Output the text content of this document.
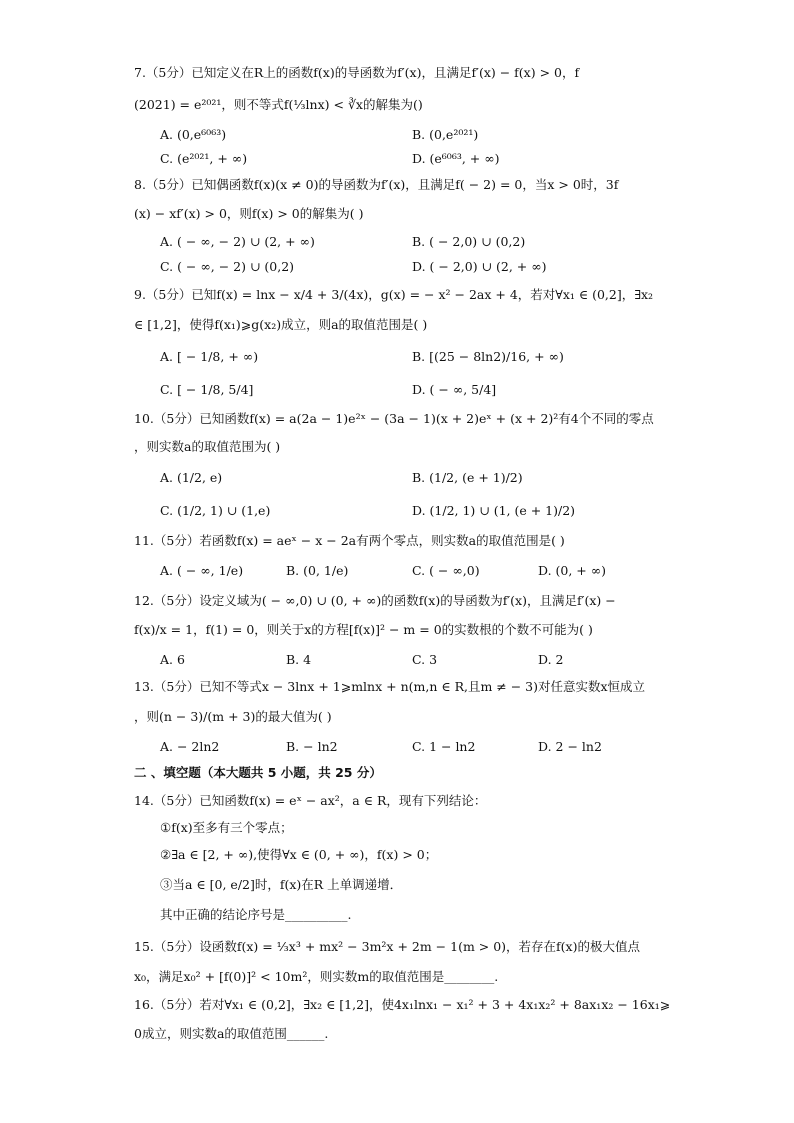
7.（5分）已知定义在R上的函数f(x)的导函数为f′(x)，且满足f′(x) − f(x) > 0，f
(2021) = e²⁰²¹，则不等式f(⅓lnx) < ∛x的解集为()
A. (0,e⁶⁰⁶³)	B. (0,e²⁰²¹)
C. (e²⁰²¹, + ∞)	D. (e⁶⁰⁶³, + ∞)
8.（5分）已知偶函数f(x)(x ≠ 0)的导函数为f′(x)，且满足f( − 2) = 0，当x > 0时，3f
(x) − xf′(x) > 0，则f(x) > 0的解集为( )
A. ( − ∞, − 2) ∪ (2, + ∞)	B. ( − 2,0) ∪ (0,2)
C. ( − ∞, − 2) ∪ (0,2)	D. ( − 2,0) ∪ (2, + ∞)
9.（5分）已知f(x) = lnx − x/4 + 3/(4x)，g(x) = − x² − 2ax + 4，若对∀x₁ ∈ (0,2]，∃x₂
∈ [1,2]，使得f(x₁)⩾g(x₂)成立，则a的取值范围是( )
A. [ − 1/8, + ∞)	B. [(25 − 8ln2)/16, + ∞)
C. [ − 1/8, 5/4]	D. ( − ∞, 5/4]
10.（5分）已知函数f(x) = a(2a − 1)e²ˣ − (3a − 1)(x + 2)eˣ + (x + 2)²有4个不同的零点
，则实数a的取值范围为( )
A. (1/2, e)	B. (1/2, (e + 1)/2)
C. (1/2, 1) ∪ (1,e)	D. (1/2, 1) ∪ (1, (e + 1)/2)
11.（5分）若函数f(x) = aeˣ − x − 2a有两个零点，则实数a的取值范围是( )
A. ( − ∞, 1/e)	B. (0, 1/e)	C. ( − ∞,0)	D. (0, + ∞)
12.（5分）设定义域为( − ∞,0) ∪ (0, + ∞)的函数f(x)的导函数为f′(x)，且满足f′(x) −
f(x)/x = 1，f(1) = 0，则关于x的方程[f(x)]² − m = 0的实数根的个数不可能为( )
A. 6	B. 4	C. 3	D. 2
13.（5分）已知不等式x − 3lnx + 1⩾mlnx + n(m,n ∈ R,且m ≠ − 3)对任意实数x恒成立
，则(n − 3)/(m + 3)的最大值为( )
A. − 2ln2	B. − ln2	C. 1 − ln2	D. 2 − ln2
二 、填空题（本大题共 5 小题，共 25 分）
14.（5分）已知函数f(x) = eˣ − ax²，a ∈ R，现有下列结论：
①f(x)至多有三个零点；
②∃a ∈ [2, + ∞),使得∀x ∈ (0, + ∞)，f(x) > 0；
③当a ∈ [0, e/2]时，f(x)在R 上单调递增．
其中正确的结论序号是__________.
15.（5分）设函数f(x) = ⅓x³ + mx² − 3m²x + 2m − 1(m > 0)，若存在f(x)的极大值点
x₀，满足x₀² + [f(0)]² < 10m²，则实数m的取值范围是________.
16.（5分）若对∀x₁ ∈ (0,2]，∃x₂ ∈ [1,2]，使4x₁lnx₁ − x₁² + 3 + 4x₁x₂² + 8ax₁x₂ − 16x₁⩾
0成立，则实数a的取值范围______.
